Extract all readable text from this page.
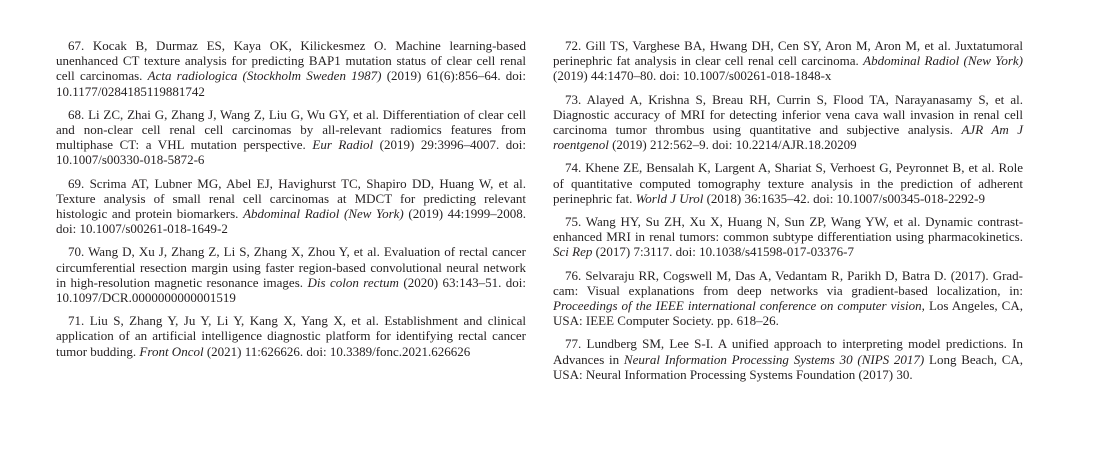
67. Kocak B, Durmaz ES, Kaya OK, Kilickesmez O. Machine learning-based unenhanced CT texture analysis for predicting BAP1 mutation status of clear cell renal cell carcinomas. Acta radiologica (Stockholm Sweden 1987) (2019) 61(6):856–64. doi: 10.1177/0284185119881742

68. Li ZC, Zhai G, Zhang J, Wang Z, Liu G, Wu GY, et al. Differentiation of clear cell and non-clear cell renal cell carcinomas by all-relevant radiomics features from multiphase CT: a VHL mutation perspective. Eur Radiol (2019) 29:3996–4007. doi: 10.1007/s00330-018-5872-6

69. Scrima AT, Lubner MG, Abel EJ, Havighurst TC, Shapiro DD, Huang W, et al. Texture analysis of small renal cell carcinomas at MDCT for predicting relevant histologic and protein biomarkers. Abdominal Radiol (New York) (2019) 44:1999–2008. doi: 10.1007/s00261-018-1649-2

70. Wang D, Xu J, Zhang Z, Li S, Zhang X, Zhou Y, et al. Evaluation of rectal cancer circumferential resection margin using faster region-based convolutional neural network in high-resolution magnetic resonance images. Dis colon rectum (2020) 63:143–51. doi: 10.1097/DCR.0000000000001519

71. Liu S, Zhang Y, Ju Y, Li Y, Kang X, Yang X, et al. Establishment and clinical application of an artificial intelligence diagnostic platform for identifying rectal cancer tumor budding. Front Oncol (2021) 11:626626. doi: 10.3389/fonc.2021.626626

72. Gill TS, Varghese BA, Hwang DH, Cen SY, Aron M, Aron M, et al. Juxtatumoral perinephric fat analysis in clear cell renal cell carcinoma. Abdominal Radiol (New York) (2019) 44:1470–80. doi: 10.1007/s00261-018-1848-x

73. Alayed A, Krishna S, Breau RH, Currin S, Flood TA, Narayanasamy S, et al. Diagnostic accuracy of MRI for detecting inferior vena cava wall invasion in renal cell carcinoma tumor thrombus using quantitative and subjective analysis. AJR Am J roentgenol (2019) 212:562–9. doi: 10.2214/AJR.18.20209

74. Khene ZE, Bensalah K, Largent A, Shariat S, Verhoest G, Peyronnet B, et al. Role of quantitative computed tomography texture analysis in the prediction of adherent perinephric fat. World J Urol (2018) 36:1635–42. doi: 10.1007/s00345-018-2292-9

75. Wang HY, Su ZH, Xu X, Huang N, Sun ZP, Wang YW, et al. Dynamic contrast-enhanced MRI in renal tumors: common subtype differentiation using pharmacokinetics. Sci Rep (2017) 7:3117. doi: 10.1038/s41598-017-03376-7

76. Selvaraju RR, Cogswell M, Das A, Vedantam R, Parikh D, Batra D. (2017). Grad-cam: Visual explanations from deep networks via gradient-based localization, in: Proceedings of the IEEE international conference on computer vision, Los Angeles, CA, USA: IEEE Computer Society. pp. 618–26.

77. Lundberg SM, Lee S-I. A unified approach to interpreting model predictions. In Advances in Neural Information Processing Systems 30 (NIPS 2017) Long Beach, CA, USA: Neural Information Processing Systems Foundation (2017) 30.
